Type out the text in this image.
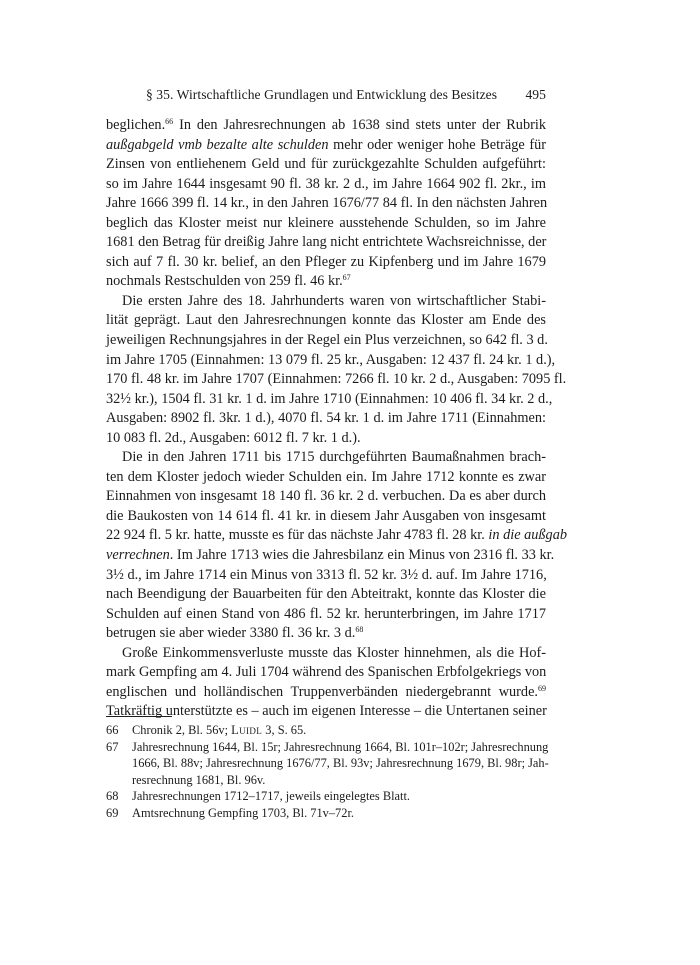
§ 35. Wirtschaftliche Grundlagen und Entwicklung des Besitzes 495

beglichen.$^{66}$ In den Jahresrechnungen ab 1638 sind stets unter der Rubrik
außgabgeld vmb bezalte alte schulden mehr oder weniger hohe Beträge für
Zinsen von entliehenem Geld und für zurückgezahlte Schulden aufgeführt:
so im Jahre 1644 insgesamt 90 fl. 38 kr. 2 d., im Jahre 1664 902 fl. 2kr., im
Jahre 1666 399 fl. 14 kr., in den Jahren 1676/77 84 fl. In den nächsten Jahren
beglich das Kloster meist nur kleinere ausstehende Schulden, so im Jahre
1681 den Betrag für dreißig Jahre lang nicht entrichtete Wachsreichnisse, der
sich auf 7 fl. 30 kr. belief, an den Pfleger zu Kipfenberg und im Jahre 1679
nochmals Restschulden von 259 fl. 46 kr.$^{67}$

Die ersten Jahre des 18. Jahrhunderts waren von wirtschaftlicher Stabi-
lität geprägt. Laut den Jahresrechnungen konnte das Kloster am Ende des
jeweiligen Rechnungsjahres in der Regel ein Plus verzeichnen, so 642 fl. 3 d.
im Jahre 1705 (Einnahmen: 13 079 fl. 25 kr., Ausgaben: 12 437 fl. 24 kr. 1 d.),
170 fl. 48 kr. im Jahre 1707 (Einnahmen: 7266 fl. 10 kr. 2 d., Ausgaben: 7095 fl.
32½ kr.), 1504 fl. 31 kr. 1 d. im Jahre 1710 (Einnahmen: 10 406 fl. 34 kr. 2 d.,
Ausgaben: 8902 fl. 3kr. 1 d.), 4070 fl. 54 kr. 1 d. im Jahre 1711 (Einnahmen:
10 083 fl. 2d., Ausgaben: 6012 fl. 7 kr. 1 d.).

Die in den Jahren 1711 bis 1715 durchgeführten Baumaßnahmen brach-
ten dem Kloster jedoch wieder Schulden ein. Im Jahre 1712 konnte es zwar
Einnahmen von insgesamt 18 140 fl. 36 kr. 2 d. verbuchen. Da es aber durch
die Baukosten von 14 614 fl. 41 kr. in diesem Jahr Ausgaben von insgesamt
22 924 fl. 5 kr. hatte, musste es für das nächste Jahr 4783 fl. 28 kr. in die außgab
verrechnen. Im Jahre 1713 wies die Jahresbilanz ein Minus von 2316 fl. 33 kr.
3½ d., im Jahre 1714 ein Minus von 3313 fl. 52 kr. 3½ d. auf. Im Jahre 1716,
nach Beendigung der Bauarbeiten für den Abteitrakt, konnte das Kloster die
Schulden auf einen Stand von 486 fl. 52 kr. herunterbringen, im Jahre 1717
betrugen sie aber wieder 3380 fl. 36 kr. 3 d.$^{68}$

Große Einkommensverluste musste das Kloster hinnehmen, als die Hof-
mark Gempfing am 4. Juli 1704 während des Spanischen Erbfolgekriegs von
englischen und holländischen Truppenverbänden niedergebrannt wurde.$^{69}$
Tatkräftig unterstützte es – auch im eigenen Interesse – die Untertanen seiner

66 Chronik 2, Bl. 56v; Luidl 3, S. 65.
67 Jahresrechnung 1644, Bl. 15r; Jahresrechnung 1664, Bl. 101r–102r; Jahresrechnung
1666, Bl. 88v; Jahresrechnung 1676/77, Bl. 93v; Jahresrechnung 1679, Bl. 98r; Jah-
resrechnung 1681, Bl. 96v.
68 Jahresrechnungen 1712–1717, jeweils eingelegtes Blatt.
69 Amtsrechnung Gempfing 1703, Bl. 71v–72r.
